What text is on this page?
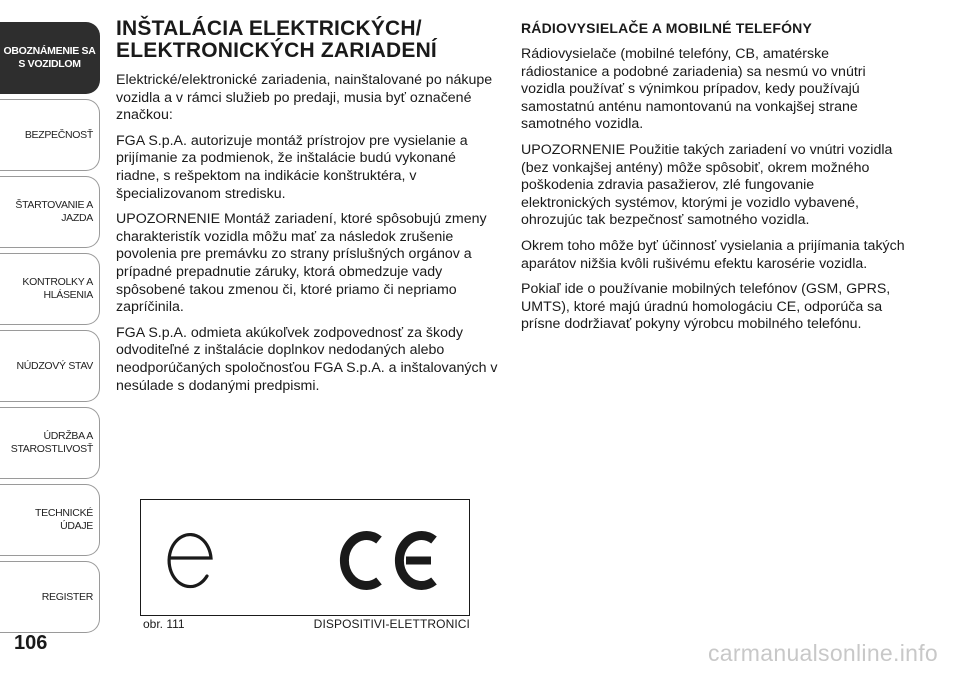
OBOZNÁMENIE SA S VOZIDLOM
BEZPEČNOSŤ
ŠTARTOVANIE A JAZDA
KONTROLKY A HLÁSENIA
NÚDZOVÝ STAV
ÚDRŽBA A STAROSTLIVOSŤ
TECHNICKÉ ÚDAJE
REGISTER
106
INŠTALÁCIA ELEKTRICKÝCH/
ELEKTRONICKÝCH ZARIADENÍ

Elektrické/elektronické zariadenia, nainštalované po nákupe vozidla a v rámci služieb po predaji, musia byť označené značkou:

FGA S.p.A. autorizuje montáž prístrojov pre vysielanie a prijímanie za podmienok, že inštalácie budú vykonané riadne, s rešpektom na indikácie konštruktéra, v špecializovanom stredisku.

UPOZORNENIE Montáž zariadení, ktoré spôsobujú zmeny charakteristík vozidla môžu mať za následok zrušenie povolenia pre premávku zo strany príslušných orgánov a prípadné prepadnutie záruky, ktorá obmedzuje vady spôsobené takou zmenou či, ktoré priamo či nepriamo zapríčinila.

FGA S.p.A. odmieta akúkoľvek zodpovednosť za škody odvoditeľné z inštalácie doplnkov nedodaných alebo neodporúčaných spoločnosťou FGA S.p.A. a inštalovaných v nesúlade s dodanými predpismi.

RÁDIOVYSIELAČE A MOBILNÉ TELEFÓNY

Rádiovysielače (mobilné telefóny, CB, amatérske rádiostanice a podobné zariadenia) sa nesmú vo vnútri vozidla používať s výnimkou prípadov, kedy používajú samostatnú anténu namontovanú na vonkajšej strane samotného vozidla.

UPOZORNENIE Použitie takých zariadení vo vnútri vozidla (bez vonkajšej antény) môže spôsobiť, okrem možného poškodenia zdravia pasažierov, zlé fungovanie elektronických systémov, ktorými je vozidlo vybavené, ohrozujúc tak bezpečnosť samotného vozidla.

Okrem toho môže byť účinnosť vysielania a prijímania takých aparátov nižšia kvôli rušivému efektu karosérie vozidla.

Pokiaľ ide o používanie mobilných telefónov (GSM, GPRS, UMTS), ktoré majú úradnú homologáciu CE, odporúča sa prísne dodržiavať pokyny výrobcu mobilného telefónu.

obr. 111	DISPOSITIVI-ELETTRONICI
carmanualsonline.info
